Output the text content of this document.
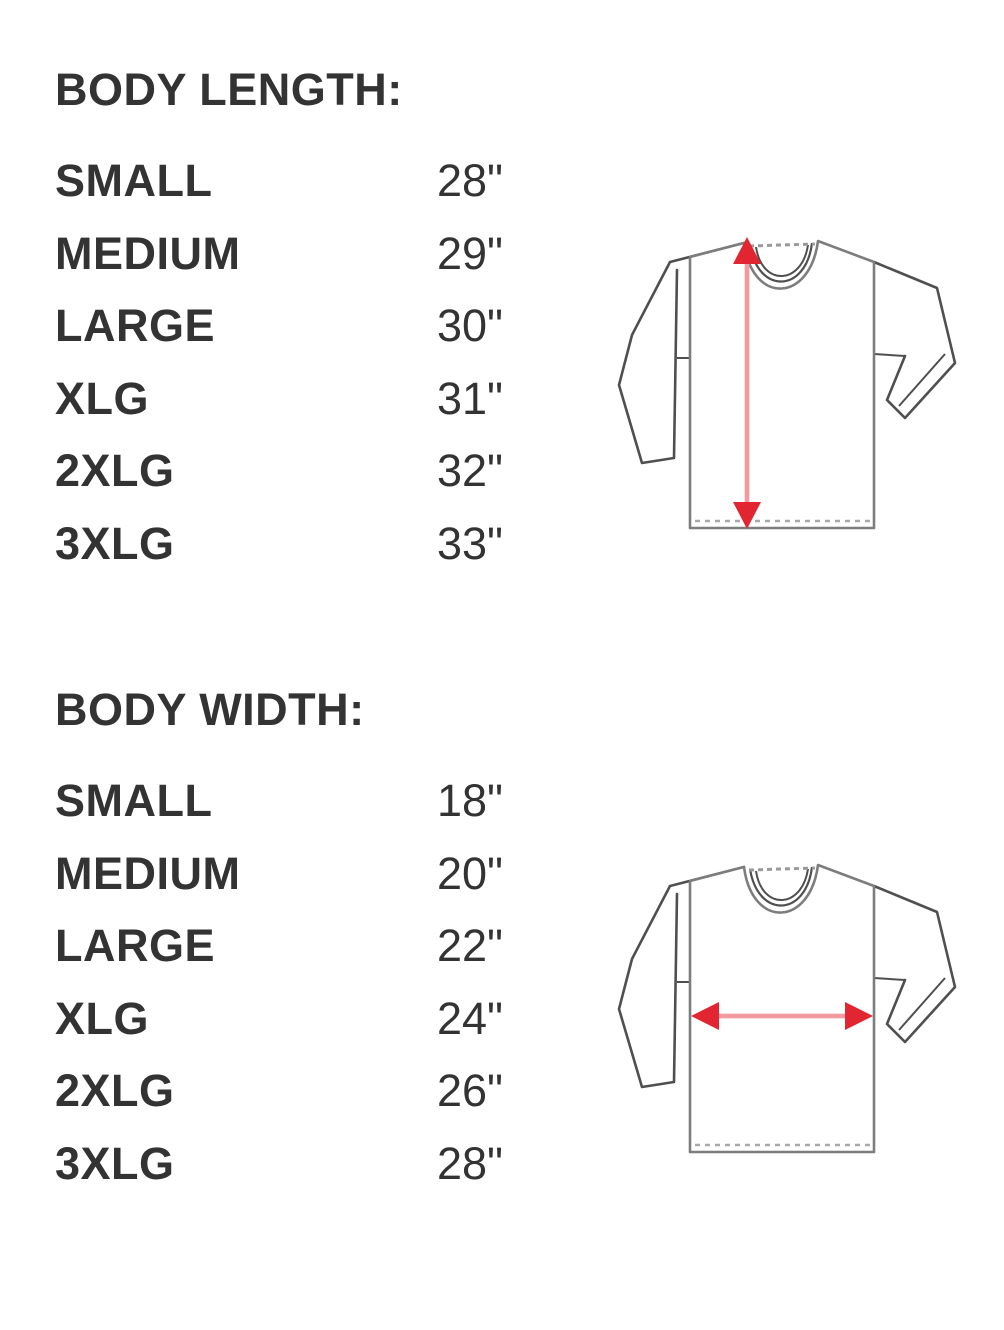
BODY LENGTH:
SMALL	28"
MEDIUM	29"
LARGE	30"
XLG	31"
2XLG	32"
3XLG	33"
BODY WIDTH:
SMALL	18"
MEDIUM	20"
LARGE	22"
XLG	24"
2XLG	26"
3XLG	28"
